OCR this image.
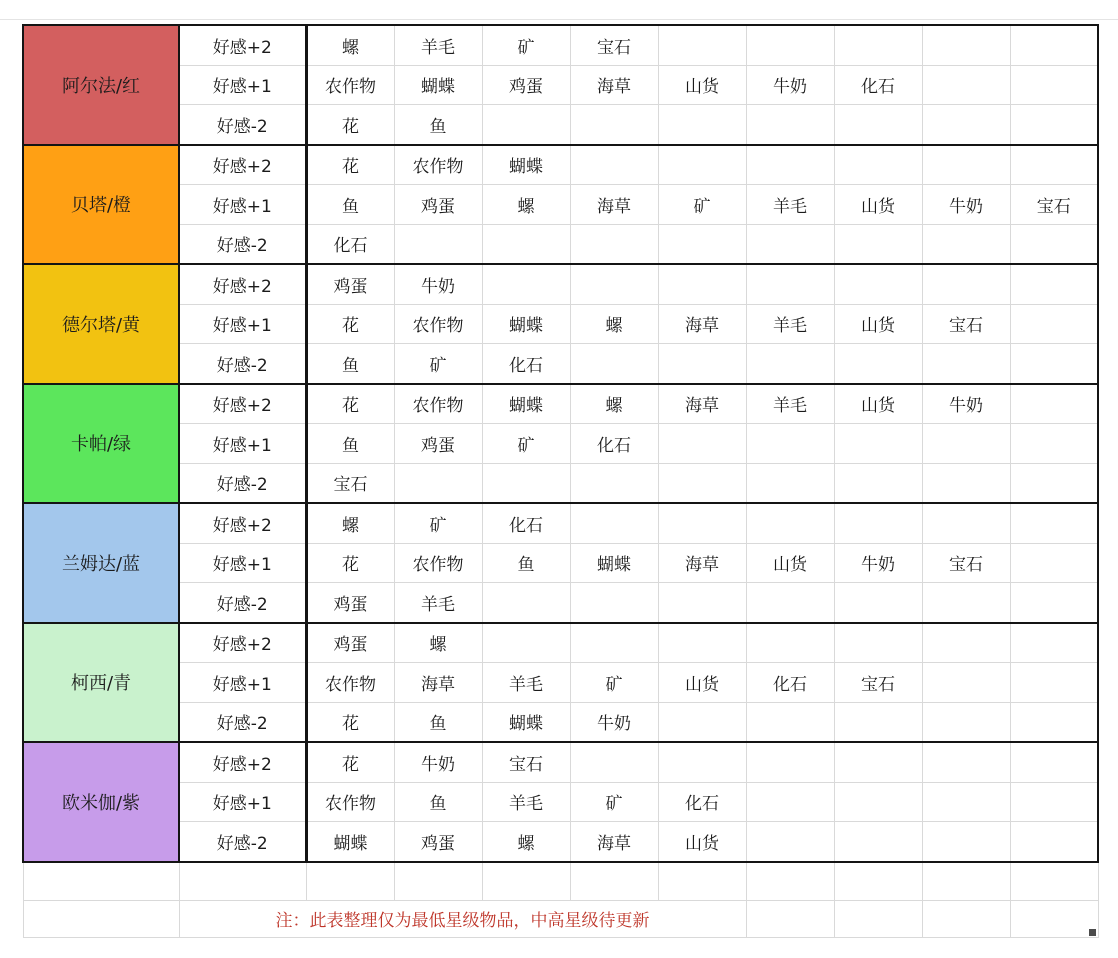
阿尔法/红	好感+2	螺	羊毛	矿	宝石					
	好感+1	农作物	蝴蝶	鸡蛋	海草	山货	牛奶	化石		
	好感-2	花	鱼							
贝塔/橙	好感+2	花	农作物	蝴蝶						
	好感+1	鱼	鸡蛋	螺	海草	矿	羊毛	山货	牛奶	宝石
	好感-2	化石								
德尔塔/黄	好感+2	鸡蛋	牛奶							
	好感+1	花	农作物	蝴蝶	螺	海草	羊毛	山货	宝石	
	好感-2	鱼	矿	化石						
卡帕/绿	好感+2	花	农作物	蝴蝶	螺	海草	羊毛	山货	牛奶	
	好感+1	鱼	鸡蛋	矿	化石					
	好感-2	宝石								
兰姆达/蓝	好感+2	螺	矿	化石						
	好感+1	花	农作物	鱼	蝴蝶	海草	山货	牛奶	宝石	
	好感-2	鸡蛋	羊毛							
柯西/青	好感+2	鸡蛋	螺							
	好感+1	农作物	海草	羊毛	矿	山货	化石	宝石		
	好感-2	花	鱼	蝴蝶	牛奶					
欧米伽/紫	好感+2	花	牛奶	宝石						
	好感+1	农作物	鱼	羊毛	矿	化石				
	好感-2	蝴蝶	鸡蛋	螺	海草	山货				

	注：此表整理仅为最低星级物品，中高星级待更新									
